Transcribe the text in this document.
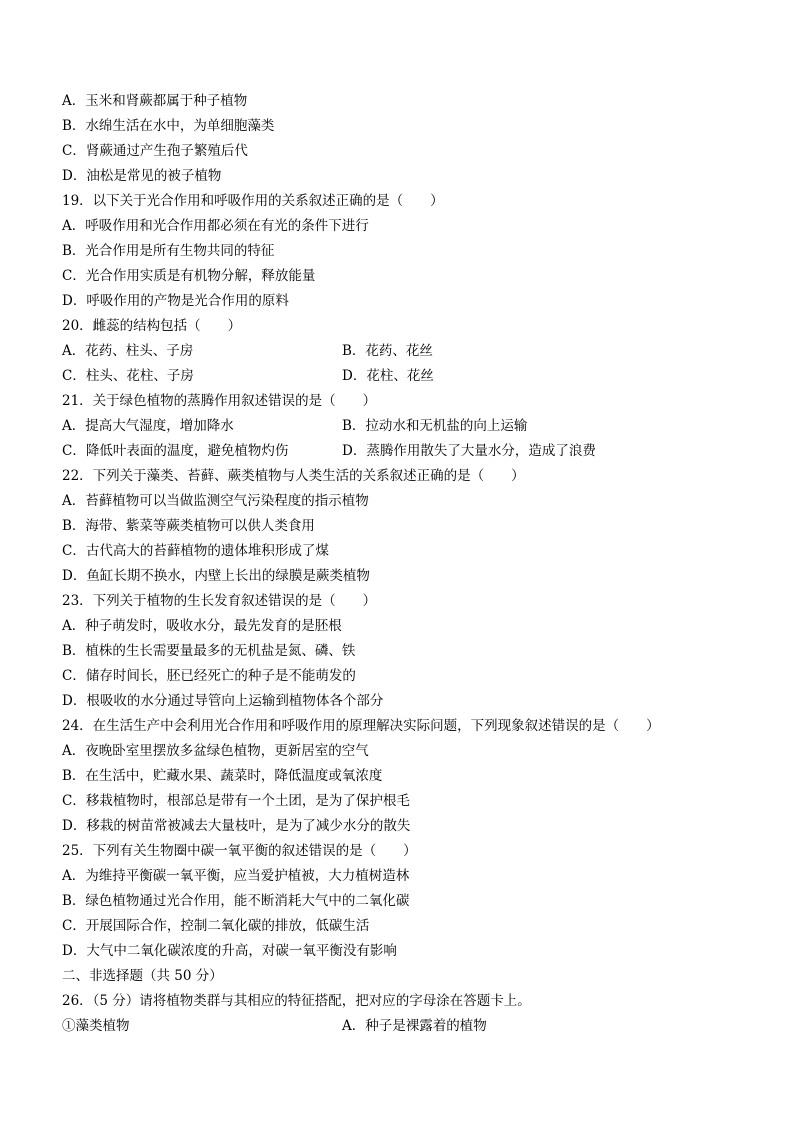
A．玉米和肾蕨都属于种子植物
B．水绵生活在水中，为单细胞藻类
C．肾蕨通过产生孢子繁殖后代
D．油松是常见的被子植物
19．以下关于光合作用和呼吸作用的关系叙述正确的是（　　）
A．呼吸作用和光合作用都必须在有光的条件下进行
B．光合作用是所有生物共同的特征
C．光合作用实质是有机物分解，释放能量
D．呼吸作用的产物是光合作用的原料
20．雌蕊的结构包括（　　）
A．花药、柱头、子房	B．花药、花丝
C．柱头、花柱、子房	D．花柱、花丝
21．关于绿色植物的蒸腾作用叙述错误的是（　　）
A．提高大气湿度，增加降水	B．拉动水和无机盐的向上运输
C．降低叶表面的温度，避免植物灼伤	D．蒸腾作用散失了大量水分，造成了浪费
22．下列关于藻类、苔藓、蕨类植物与人类生活的关系叙述正确的是（　　）
A．苔藓植物可以当做监测空气污染程度的指示植物
B．海带、紫菜等蕨类植物可以供人类食用
C．古代高大的苔藓植物的遗体堆积形成了煤
D．鱼缸长期不换水，内壁上长出的绿膜是蕨类植物
23．下列关于植物的生长发育叙述错误的是（　　）
A．种子萌发时，吸收水分，最先发育的是胚根
B．植株的生长需要量最多的无机盐是氮、磷、铁
C．储存时间长，胚已经死亡的种子是不能萌发的
D．根吸收的水分通过导管向上运输到植物体各个部分
24．在生活生产中会利用光合作用和呼吸作用的原理解决实际问题，下列现象叙述错误的是（　　）
A．夜晚卧室里摆放多盆绿色植物，更新居室的空气
B．在生活中，贮藏水果、蔬菜时，降低温度或氧浓度
C．移栽植物时，根部总是带有一个土团，是为了保护根毛
D．移栽的树苗常被减去大量枝叶，是为了减少水分的散失
25．下列有关生物圈中碳一氧平衡的叙述错误的是（　　）
A．为维持平衡碳一氧平衡，应当爱护植被，大力植树造林
B．绿色植物通过光合作用，能不断消耗大气中的二氧化碳
C．开展国际合作，控制二氧化碳的排放，低碳生活
D．大气中二氧化碳浓度的升高，对碳一氧平衡没有影响
二、非选择题（共 50 分）
26．（5 分）请将植物类群与其相应的特征搭配，把对应的字母涂在答题卡上。
①藻类植物	A．种子是裸露着的植物
